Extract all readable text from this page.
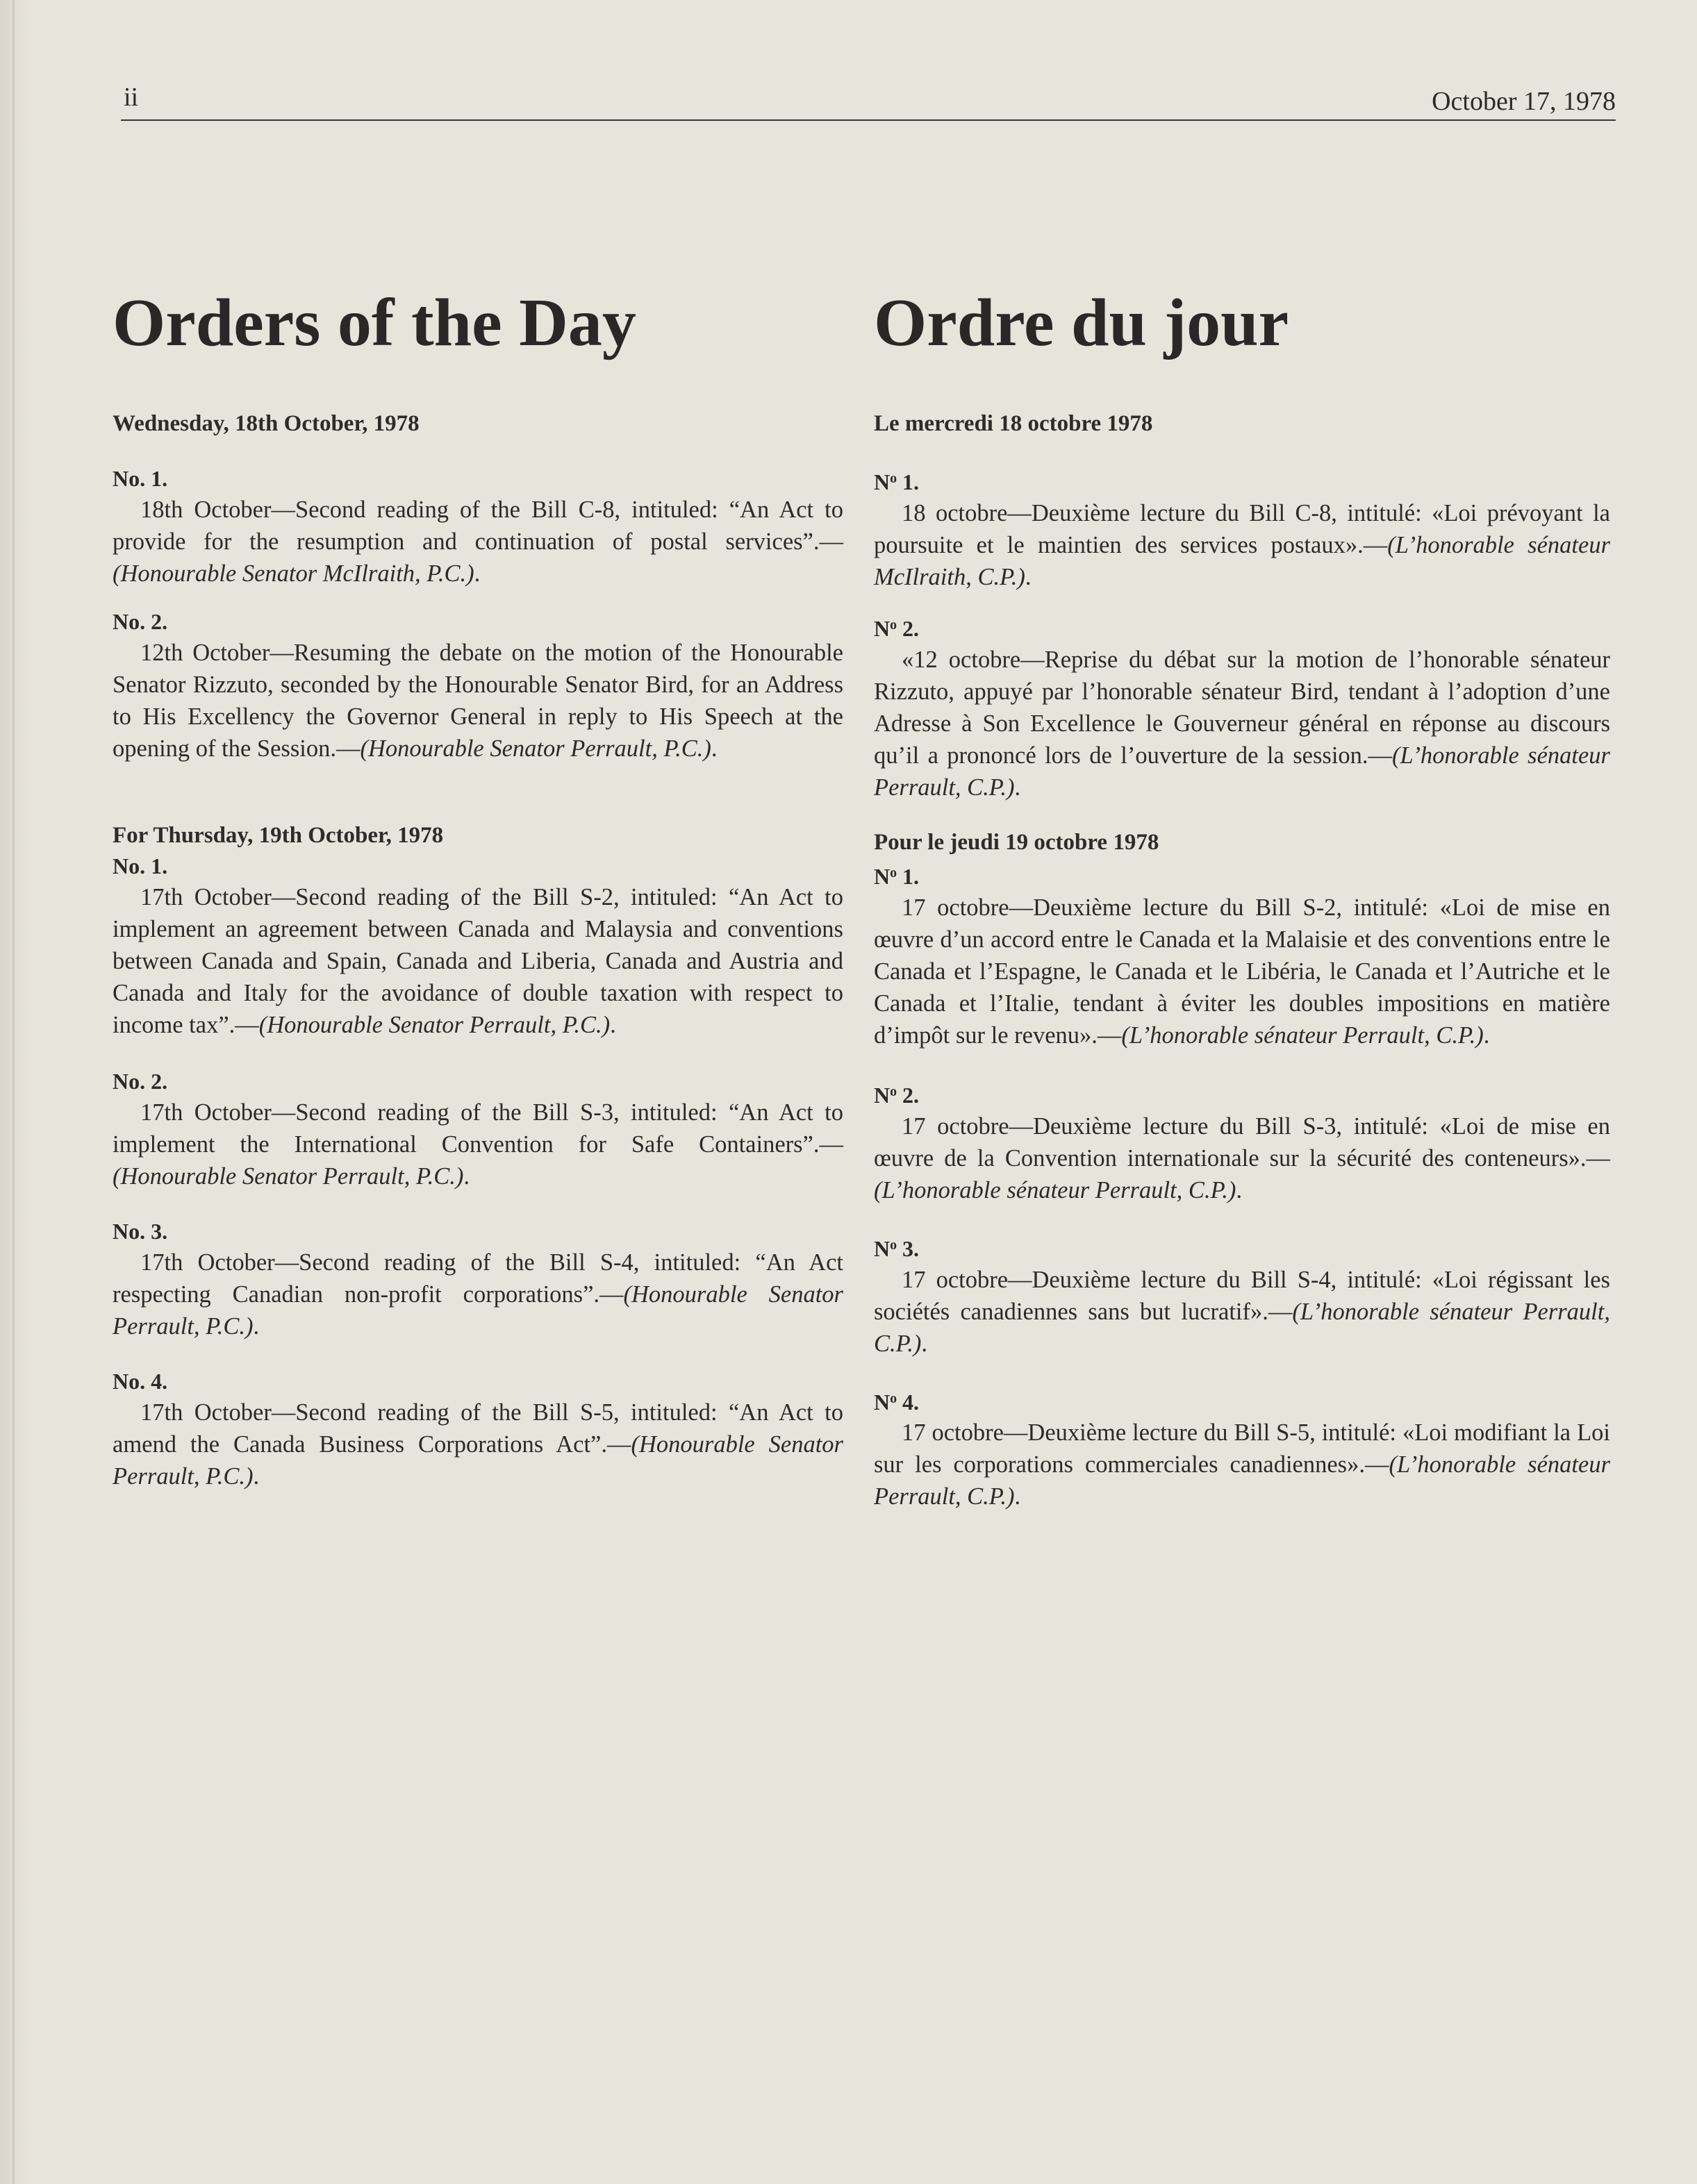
ii	October 17, 1978
Orders of the Day
Wednesday, 18th October, 1978
No. 1.

18th October—Second reading of the Bill C-8, intituled: “An Act to provide for the resumption and continuation of postal services”.—(Honourable Senator McIlraith, P.C.).

No. 2.

12th October—Resuming the debate on the motion of the Honourable Senator Rizzuto, seconded by the Honourable Senator Bird, for an Address to His Excellency the Governor General in reply to His Speech at the opening of the Session.—(Honourable Senator Perrault, P.C.).

For Thursday, 19th October, 1978
No. 1.

17th October—Second reading of the Bill S-2, intituled: “An Act to implement an agreement between Canada and Malaysia and conventions between Canada and Spain, Canada and Liberia, Canada and Austria and Canada and Italy for the avoidance of double taxation with respect to income tax”.—(Honourable Senator Perrault, P.C.).

No. 2.

17th October—Second reading of the Bill S-3, intituled: “An Act to implement the International Convention for Safe Containers”.—(Honourable Senator Perrault, P.C.).

No. 3.

17th October—Second reading of the Bill S-4, intituled: “An Act respecting Canadian non-profit corporations”.—(Honourable Senator Perrault, P.C.).

No. 4.

17th October—Second reading of the Bill S-5, intituled: “An Act to amend the Canada Business Corporations Act”.—(Honourable Senator Perrault, P.C.).

Ordre du jour
Le mercredi 18 octobre 1978
$N^o$ 1.

18 octobre—Deuxième lecture du Bill C-8, intitulé: «Loi prévoyant la poursuite et le maintien des services postaux».—(L’honorable sénateur McIlraith, C.P.).

$N^o$ 2.

«12 octobre—Reprise du débat sur la motion de l’honorable sénateur Rizzuto, appuyé par l’honorable sénateur Bird, tendant à l’adoption d’une Adresse à Son Excellence le Gouverneur général en réponse au discours qu’il a prononcé lors de l’ouverture de la session.—(L’honorable sénateur Perrault, C.P.).

Pour le jeudi 19 octobre 1978
$N^o$ 1.

17 octobre—Deuxième lecture du Bill S-2, intitulé: «Loi de mise en œuvre d’un accord entre le Canada et la Malaisie et des conventions entre le Canada et l’Espagne, le Canada et le Libéria, le Canada et l’Autriche et le Canada et l’Italie, tendant à éviter les doubles impositions en matière d’impôt sur le revenu».—(L’honorable sénateur Perrault, C.P.).

$N^o$ 2.

17 octobre—Deuxième lecture du Bill S-3, intitulé: «Loi de mise en œuvre de la Convention internationale sur la sécurité des conteneurs».—(L’honorable sénateur Perrault, C.P.).

$N^o$ 3.

17 octobre—Deuxième lecture du Bill S-4, intitulé: «Loi régissant les sociétés canadiennes sans but lucratif».—(L’honorable sénateur Perrault, C.P.).

$N^o$ 4.

17 octobre—Deuxième lecture du Bill S-5, intitulé: «Loi modifiant la Loi sur les corporations commerciales canadiennes».—(L’honorable sénateur Perrault, C.P.).
